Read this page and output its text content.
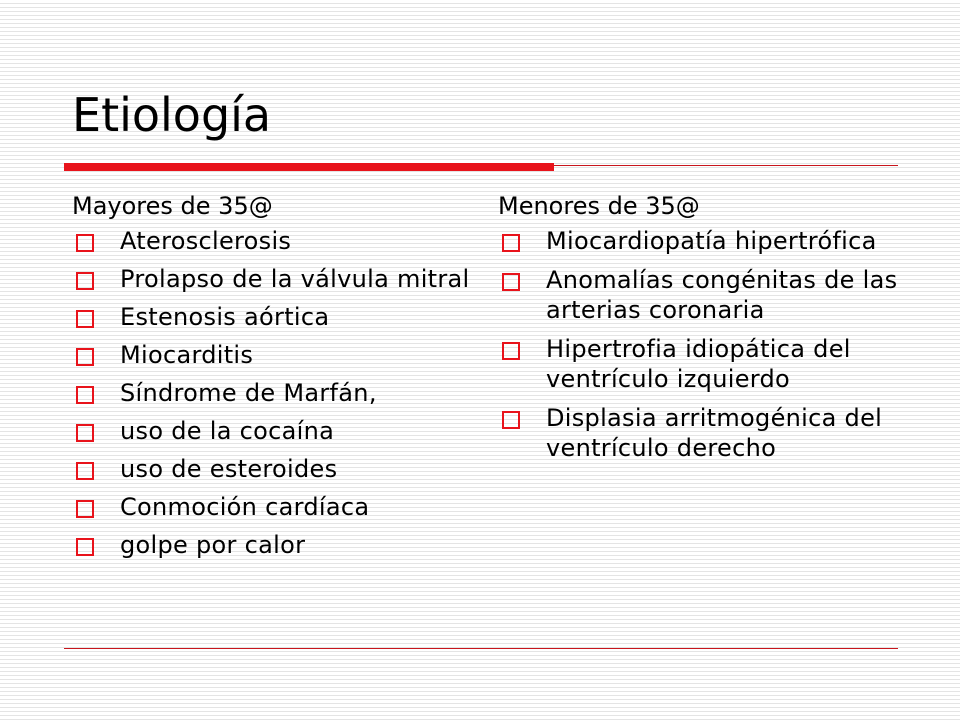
Etiología
Mayores de 35@
Aterosclerosis
Prolapso de la válvula mitral
Estenosis aórtica
Miocarditis
Síndrome de Marfán,
uso de la cocaína
uso de esteroides
Conmoción cardíaca
golpe por calor
Menores de 35@
Miocardiopatía hipertrófica
Anomalías congénitas de las arterias coronaria
Hipertrofia idiopática del ventrículo izquierdo
Displasia arritmogénica del ventrículo derecho
